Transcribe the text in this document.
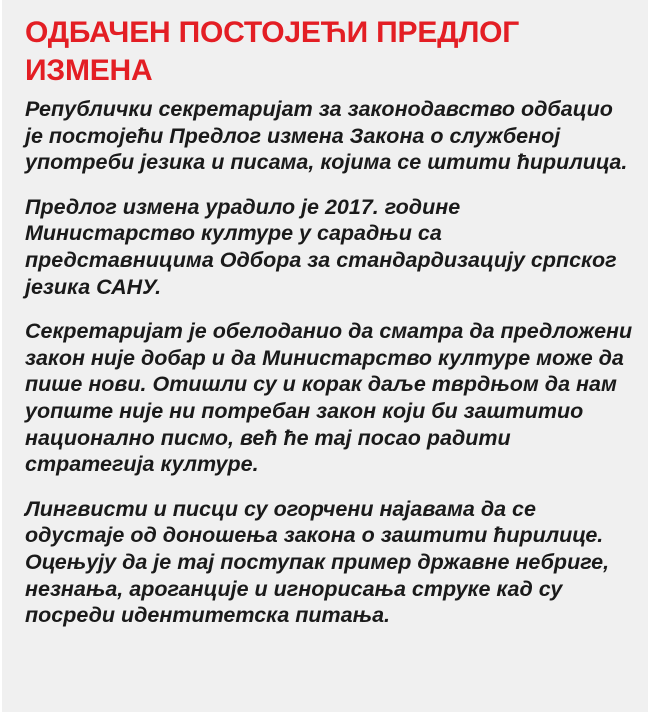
ОДБАЧЕН ПОСТОЈЕЋИ ПРЕДЛОГ ИЗМЕНА

Републички секретаријат за законодавство одбацио је постојећи Предлог измена Закона о службеној употреби језика и писама, којима се штити ћирилица.

Предлог измена урадило је 2017. године Министарство културе у сарадњи са представницима Одбора за стандардизацију српског језика САНУ.

Секретаријат је обелоданио да сматра да предложени закон није добар и да Министарство културе може да пише нови. Отишли су и корак даље тврдњом да нам уопште није ни потребан закон који би заштитио национално писмо, већ ће тај посао радити стратегија културе.

Лингвисти и писци су огорчени најавама да се одустаје од доношења закона о заштити ћирилице. Оцењују да је тај поступак пример државне небриге, незнања, ароганције и игнорисања струке кад су посреди идентитетска питања.
